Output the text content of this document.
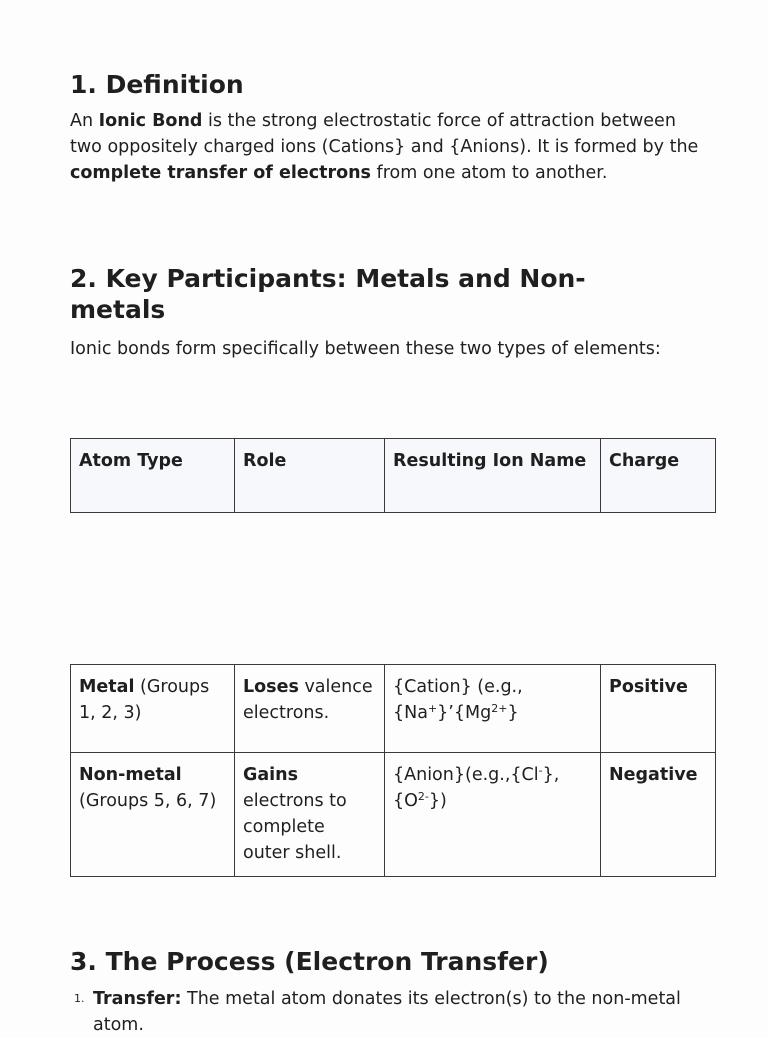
1. Definition

An Ionic Bond is the strong electrostatic force of attraction between two oppositely charged ions (Cations} and {Anions). It is formed by the complete transfer of electrons from one atom to another.

2. Key Participants: Metals and Non-metals

Ionic bonds form specifically between these two types of elements:

Atom Type	Role	Resulting Ion Name	Charge
Metal (Groups 1, 2, 3)	Loses valence electrons.	{Cation} (e.g., $\{Na^+\}’\{Mg^{2+}\}$	Positive
Non-metal (Groups 5, 6, 7)	Gains electrons to complete outer shell.	{Anion}(e.g.,{Cl-}, $\{O^{2-}\}$)	Negative
3. The Process (Electron Transfer)
1. Transfer: The metal atom donates its electron(s) to the non-metal atom.
